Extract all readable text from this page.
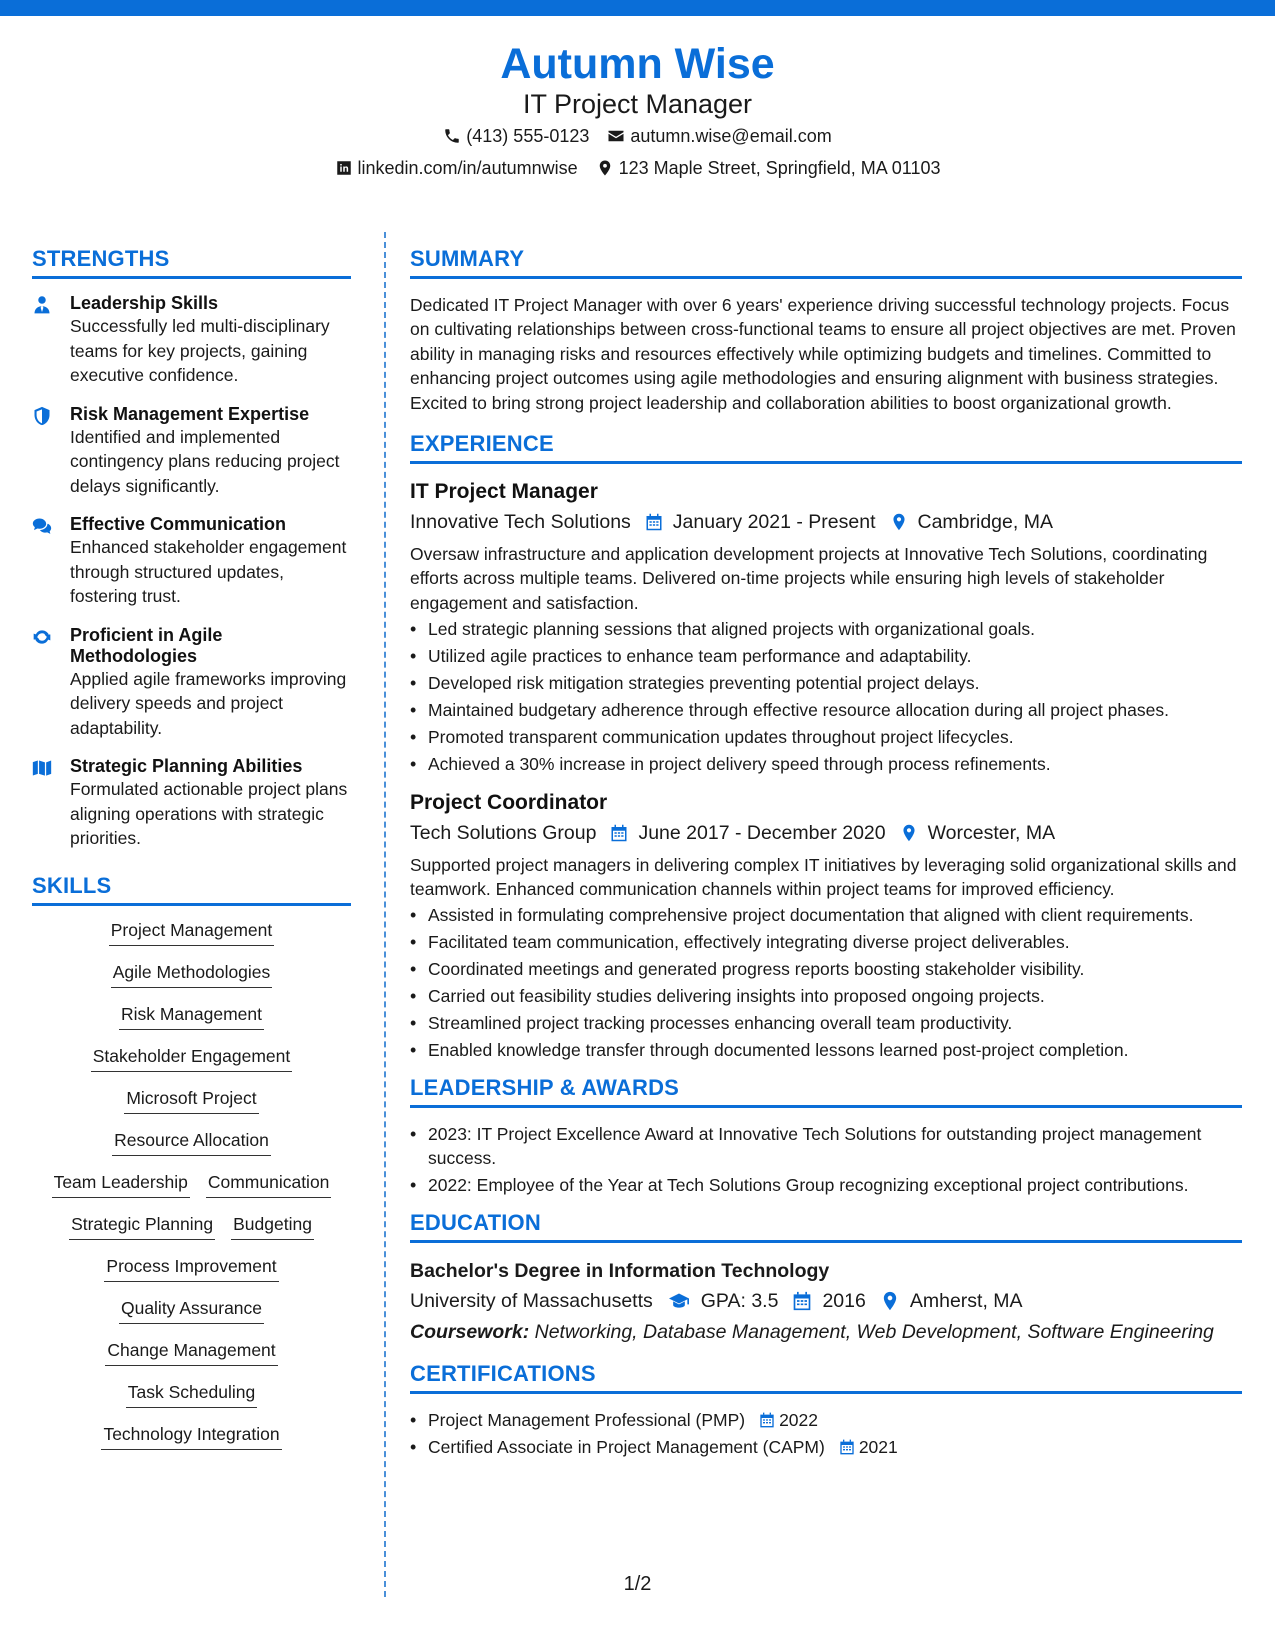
Autumn Wise
IT Project Manager
(413) 555-0123 autumn.wise@email.com
linkedin.com/in/autumnwise 123 Maple Street, Springfield, MA 01103
STRENGTHS
Leadership Skills
Successfully led multi-disciplinary teams for key projects, gaining executive confidence.
Risk Management Expertise
Identified and implemented contingency plans reducing project delays significantly.
Effective Communication
Enhanced stakeholder engagement through structured updates, fostering trust.
Proficient in Agile Methodologies
Applied agile frameworks improving delivery speeds and project adaptability.
Strategic Planning Abilities
Formulated actionable project plans aligning operations with strategic priorities.
SKILLS
Project Management
Agile Methodologies
Risk Management
Stakeholder Engagement
Microsoft Project
Resource Allocation
Team Leadership Communication
Strategic Planning Budgeting
Process Improvement
Quality Assurance
Change Management
Task Scheduling
Technology Integration
SUMMARY
Dedicated IT Project Manager with over 6 years' experience driving successful technology projects. Focus on cultivating relationships between cross-functional teams to ensure all project objectives are met. Proven ability in managing risks and resources effectively while optimizing budgets and timelines. Committed to enhancing project outcomes using agile methodologies and ensuring alignment with business strategies. Excited to bring strong project leadership and collaboration abilities to boost organizational growth.
EXPERIENCE
IT Project Manager
Innovative Tech Solutions January 2021 - Present Cambridge, MA
Oversaw infrastructure and application development projects at Innovative Tech Solutions, coordinating efforts across multiple teams. Delivered on-time projects while ensuring high levels of stakeholder engagement and satisfaction.
• Led strategic planning sessions that aligned projects with organizational goals.
• Utilized agile practices to enhance team performance and adaptability.
• Developed risk mitigation strategies preventing potential project delays.
• Maintained budgetary adherence through effective resource allocation during all project phases.
• Promoted transparent communication updates throughout project lifecycles.
• Achieved a 30% increase in project delivery speed through process refinements.
Project Coordinator
Tech Solutions Group June 2017 - December 2020 Worcester, MA
Supported project managers in delivering complex IT initiatives by leveraging solid organizational skills and teamwork. Enhanced communication channels within project teams for improved efficiency.
• Assisted in formulating comprehensive project documentation that aligned with client requirements.
• Facilitated team communication, effectively integrating diverse project deliverables.
• Coordinated meetings and generated progress reports boosting stakeholder visibility.
• Carried out feasibility studies delivering insights into proposed ongoing projects.
• Streamlined project tracking processes enhancing overall team productivity.
• Enabled knowledge transfer through documented lessons learned post-project completion.
LEADERSHIP & AWARDS
• 2023: IT Project Excellence Award at Innovative Tech Solutions for outstanding project management success.
• 2022: Employee of the Year at Tech Solutions Group recognizing exceptional project contributions.
EDUCATION
Bachelor's Degree in Information Technology
University of Massachusetts GPA: 3.5 2016 Amherst, MA
Coursework: Networking, Database Management, Web Development, Software Engineering
CERTIFICATIONS
• Project Management Professional (PMP) 2022
• Certified Associate in Project Management (CAPM) 2021
1/2
